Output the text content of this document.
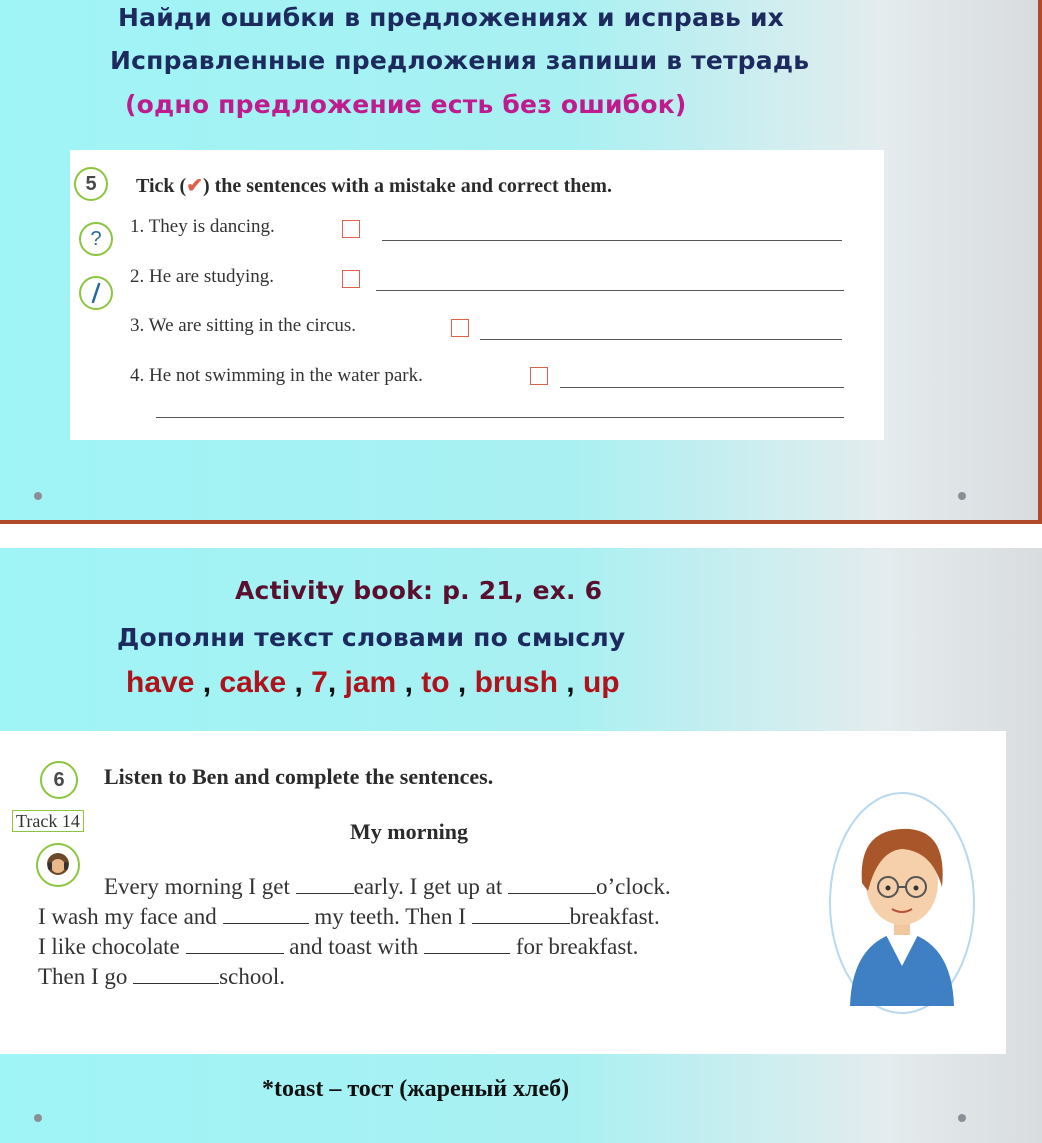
Найди ошибки в предложениях и исправь их
Исправленные предложения запиши в тетрадь
(одно предложение есть без ошибок)
5	Tick (✔) the sentences with a mistake and correct them.
?
1. They is dancing.
2. He are studying.
3. We are sitting in the circus.
4. He not swimming in the water park.
Activity book: p. 21, ex. 6
Дополни текст словами по смыслу
have , cake , 7, jam , to , brush , up
6	Listen to Ben and complete the sentences.
Track 14	My morning
Every morning I get	early. I get up at	o’clock.
I wash my face and	my teeth. Then I	breakfast.
I like chocolate	and toast with	for breakfast.
Then I go	school.
*toast – тост (жареный хлеб)
